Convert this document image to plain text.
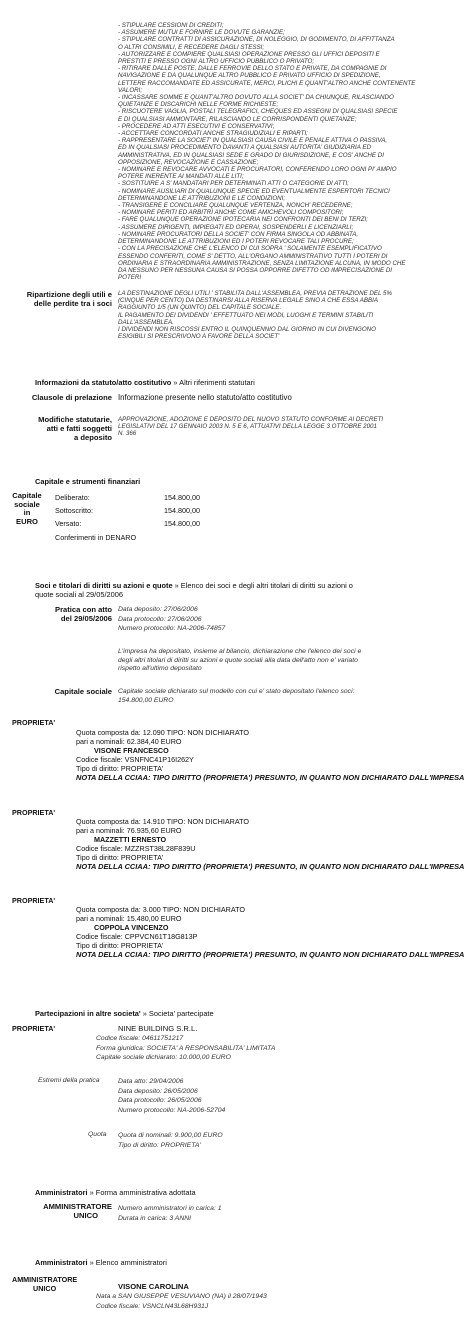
- STIPULARE CESSIONI DI CREDITI;
- ASSUMERE MUTUI E FORNIRE LE DOVUTE GARANZIE;
- STIPULARE CONTRATTI DI ASSICURAZIONE, DI NOLEGGIO, DI GODIMENTO, DI AFFITTANZA
O ALTRI CONSIMILI, E RECEDERE DAGLI STESSI;
- AUTORIZZARE E COMPIERE QUALSIASI OPERAZIONE PRESSO GLI UFFICI DEPOSITI E
PRESTITI E PRESSO OGNI ALTRO UFFICIO PUBBLICO O PRIVATO;
- RITIRARE DALLE POSTE, DALLE FERROVIE DELLO STATO E PRIVATE, DA COMPAGNIE DI
NAVIGAZIONE E DA QUALUNQUE ALTRO PUBBLICO E PRIVATO UFFICIO DI SPEDIZIONE,
LETTERE RACCOMANDATE ED ASSICURATE, MERCI, PLICHI E QUANT'ALTRO ANCHE CONTENENTE
VALORI;
- INCASSARE SOMME E QUANT'ALTRO DOVUTO ALLA SOCIET' DA CHIUNQUE, RILASCIANDO
QUIETANZE E DISCARICHI NELLE FORME RICHIESTE;
- RISCUOTERE VAGLIA, POSTALI TELEGRAFICI, CHEQUES ED ASSEGNI DI QUALSIASI SPECIE
E DI QUALSIASI AMMONTARE, RILASCIANDO LE CORRISPONDENTI QUIETANZE;
- PROCEDERE AD ATTI ESECUTIVI E CONSERVATIVI;
- ACCETTARE CONCORDATI ANCHE STRAGIUDIZIALI E RIPARTI;
- RAPPRESENTARE LA SOCIET' IN QUALSIASI CAUSA CIVILE E PENALE ATTIVA O PASSIVA,
ED IN QUALSIASI PROCEDIMENTO DAVANTI A QUALSIASI AUTORITA' GIUDIZIARIA ED
AMMINISTRATIVA, ED IN QUALSIASI SEDE E GRADO DI GIURISDIZIONE, E COS' ANCHE DI
OPPOSIZIONE, REVOCAZIONE E CASSAZIONE;
- NOMINARE E REVOCARE AVVOCATI E PROCURATORI, CONFERENDO LORO OGNI PI' AMPIO
POTERE INERENTE AI MANDATI ALLE LITI;
- SOSTITUIRE A S' MANDATARI PER DETERMINATI ATTI O CATEGORIE DI ATTI;
- NOMINARE AUSILIARI DI QUALUNQUE SPECIE ED EVENTUALMENTE ESPERTORI TECNICI
DETERMINANDONE LE ATTRIBUZIONI E LE CONDIZIONI;
- TRANSIGERE E CONCILIARE QUALUNQUE VERTENZA, NONCH' RECEDERNE;
- NOMINARE PERITI ED ARBITRI ANCHE COME AMICHEVOLI COMPOSITORI;
- FARE QUALUNQUE OPERAZIONE IPOTECARIA NEI CONFRONTI DEI BENI DI TERZI;
- ASSUMERE DIRIGENTI, IMPIEGATI ED OPERAI, SOSPENDERLI E LICENZIARLI;
- NOMINARE PROCURATORI DELLA SOCIET' CON FIRMA SINGOLA OD ABBINATA,
DETERMINANDONE LE ATTRIBUZIONI ED I POTERI REVOCARE TALI PROCURE;
- CON LA PRECISAZIONE CHE L'ELENCO DI CUI SOPRA ' SOLAMENTE ESEMPLIFICATIVO
ESSENDO CONFERITI, COME S' DETTO, ALL'ORGANO AMMINISTRATIVO TUTTI I POTERI DI
ORDINARIA E STRAORDINARIA AMMINISTRAZIONE, SENZA LIMITAZIONE ALCUNA, IN MODO CHE
DA NESSUNO PER NESSUNA CAUSA SI POSSA OPPORRE DIFETTO OD IMPRECISAZIONE DI
POTERI
Ripartizione degli utili e
delle perdite tra i soci
LA DESTINAZIONE DEGLI UTILI ' STABILITA DALL'ASSEMBLEA, PREVIA DETRAZIONE DEL 5%
(CINQUE PER CENTO) DA DESTINARSI ALLA RISERVA LEGALE SINO A CHE ESSA ABBIA
RAGGIUNTO 1/5 (UN QUINTO) DEL CAPITALE SOCIALE.
IL PAGAMENTO DEI DIVIDENDI ' EFFETTUATO NEI MODI, LUOGHI E TERMINI STABILITI
DALL'ASSEMBLEA.
I DIVIDENDI NON RISCOSSI ENTRO IL QUINQUENNIO DAL GIORNO IN CUI DIVENGONO
ESIGIBILI SI PRESCRIVONO A FAVORE DELLA SOCIET'
Informazioni da statuto/atto costitutivo » Altri riferimenti statutari
Clausole di prelazione Informazione presente nello statuto/atto costitutivo
Modifiche statutarie,
atti e fatti soggetti
a deposito
APPROVAZIONE, ADOZIONE E DEPOSITO DEL NUOVO STATUTO CONFORME AI DECRETI
LEGISLATIVI DEL 17 GENNAIO 2003 N. 5 E 6, ATTUATIVI DELLA LEGGE 3 OTTOBRE 2001
N. 366
Capitale e strumenti finanziari
Capitale
sociale
in
EURO
Deliberato:	154.800,00
Sottoscritto:	154.800,00
Versato:	154.800,00
Conferimenti in DENARO
Soci e titolari di diritti su azioni e quote » Elenco dei soci e degli altri titolari di diritti su azioni o
quote sociali al 29/05/2006
Pratica con atto
del 29/05/2006
Data deposito: 27/06/2006
Data protocollo: 27/06/2006
Numero protocollo: NA-2006-74857
L'impresa ha depositato, insieme al bilancio, dichiarazione che l'elenco dei soci e
degli altri titolari di diritti su azioni e quote sociali alla data dell'atto non e' variato
rispetto all'ultimo depositato
Capitale sociale Capitale sociale dichiarato sul modello con cui e' stato depositato l'elenco soci:
154.800,00 EURO
PROPRIETA'
Quota composta da: 12.090 TIPO: NON DICHIARATO
pari a nominali: 62.384,40 EURO
VISONE FRANCESCO
Codice fiscale: VSNFNC41P16I262Y
Tipo di diritto: PROPRIETA'
NOTA DELLA CCIAA: TIPO DIRITTO (PROPRIETA') PRESUNTO, IN QUANTO NON DICHIARATO DALL'IMPRESA
PROPRIETA'
Quota composta da: 14.910 TIPO: NON DICHIARATO
pari a nominali: 76.935,60 EURO
MAZZETTI ERNESTO
Codice fiscale: MZZRST38L28F839U
Tipo di diritto: PROPRIETA'
NOTA DELLA CCIAA: TIPO DIRITTO (PROPRIETA') PRESUNTO, IN QUANTO NON DICHIARATO DALL'IMPRESA
PROPRIETA'
Quota composta da: 3.000 TIPO: NON DICHIARATO
pari a nominali: 15.480,00 EURO
COPPOLA VINCENZO
Codice fiscale: CPPVCN61T18G813P
Tipo di diritto: PROPRIETA'
NOTA DELLA CCIAA: TIPO DIRITTO (PROPRIETA') PRESUNTO, IN QUANTO NON DICHIARATO DALL'IMPRESA
Partecipazioni in altre societa' » Societa' partecipate
PROPRIETA'	NINE BUILDING S.R.L.
Codice fiscale: 04611751217
Forma giuridica: SOCIETA' A RESPONSABILITA' LIMITATA
Capitale sociale dichiarato: 10.000,00 EURO
Estremi della pratica	Data atto: 29/04/2006
Data deposito: 26/05/2006
Data protocollo: 26/05/2006
Numero protocollo: NA-2006-52704
Quota Quota di nominali: 9.900,00 EURO
Tipo di diritto: PROPRIETA'
Amministratori » Forma amministrativa adottata
AMMINISTRATORE
UNICO
Numero amministratori in carica: 1
Durata in carica: 3 ANNI
Amministratori » Elenco amministratori
AMMINISTRATORE
UNICO	VISONE CAROLINA
Nata a SAN GIUSEPPE VESUVIANO (NA) il 28/07/1943
Codice fiscale: VSNCLN43L68H931J
